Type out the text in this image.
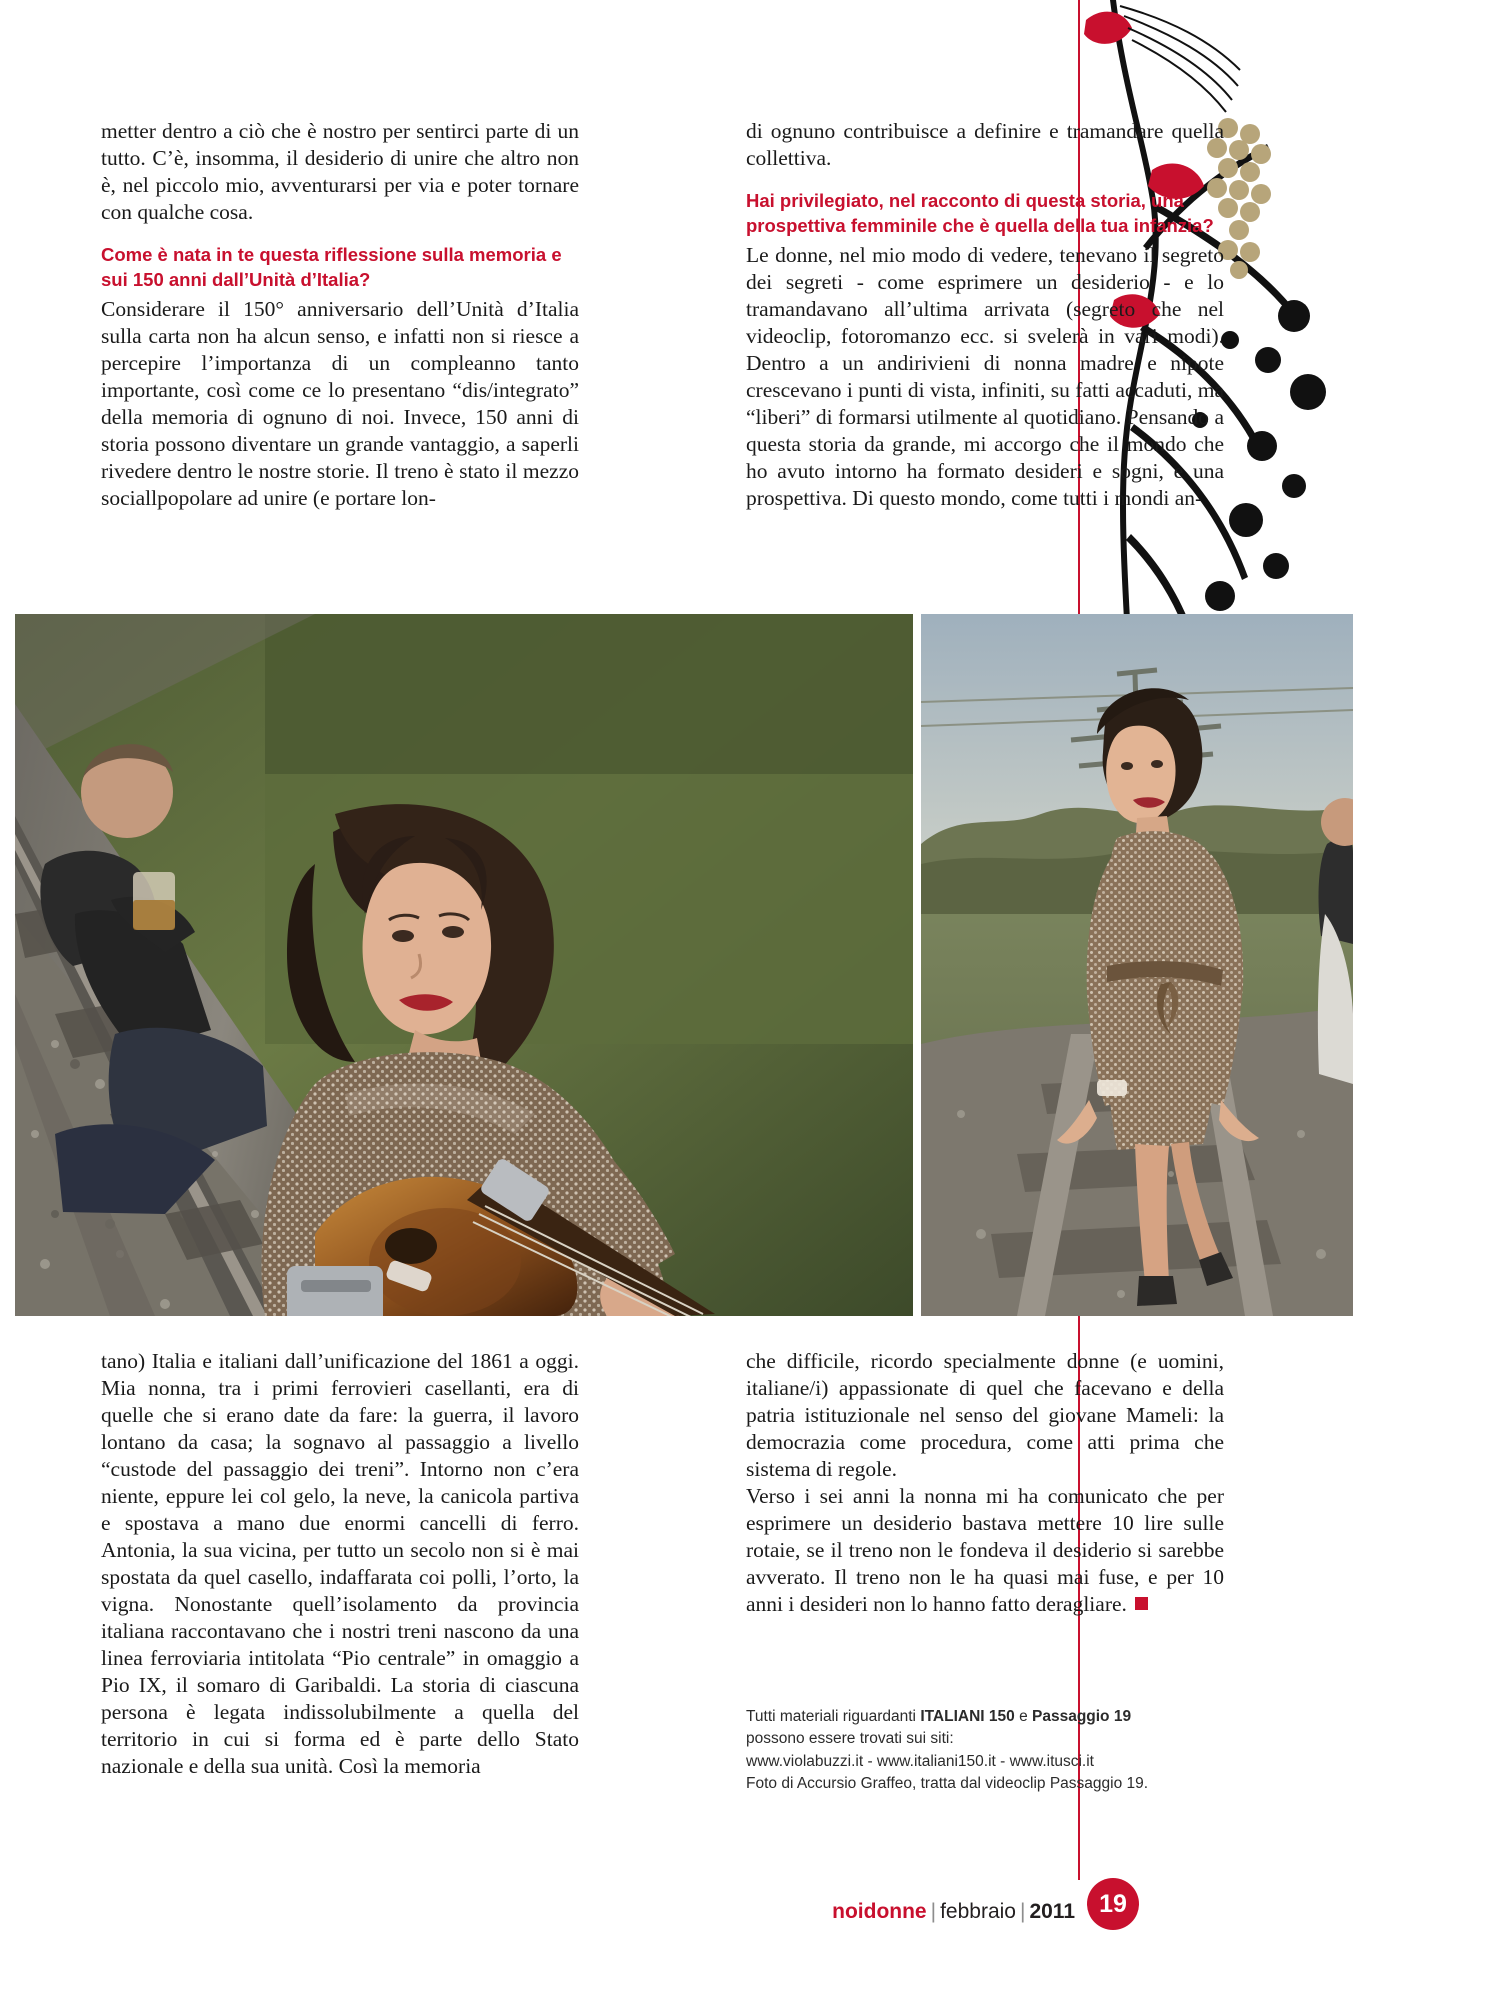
metter dentro a ciò che è nostro per sentirci parte di un tutto. C’è, insomma, il desiderio di unire che altro non è, nel piccolo mio, avventurarsi per via e poter tornare con qualche cosa.

Come è nata in te questa riflessione sulla memoria e sui 150 anni dall’Unità d’Italia?

Considerare il 150° anniversario dell’Unità d’Italia sulla carta non ha alcun senso, e infatti non si riesce a percepire l’importanza di un compleanno tanto importante, così come ce lo presentano “dis/integrato” della memoria di ognuno di noi. Invece, 150 anni di storia possono diventare un grande vantaggio, a saperli rivedere dentro le nostre storie. Il treno è stato il mezzo sociallpopolare ad unire (e portare lon-

di ognuno contribuisce a definire e tramandare quella collettiva.

Hai privilegiato, nel racconto di questa storia, una prospettiva femminile che è quella della tua infanzia?

Le donne, nel mio modo di vedere, tenevano il segreto dei segreti - come esprimere un desiderio - e lo tramandavano all’ultima arrivata (segreto che nel videoclip, fotoromanzo ecc. si svelerà in vari modi). Dentro a un andirivieni di nonna madre e nipote crescevano i punti di vista, infiniti, su fatti accaduti, ma “liberi” di formarsi utilmente al quotidiano. Pensando a questa storia da grande, mi accorgo che il mondo che ho avuto intorno ha formato desideri e sogni, e una prospettiva. Di questo mondo, come tutti i mondi an-

tano) Italia e italiani dall’unificazione del 1861 a oggi. Mia nonna, tra i primi ferrovieri casellanti, era di quelle che si erano date da fare: la guerra, il lavoro lontano da casa; la sognavo al passaggio a livello “custode del passaggio dei treni”. Intorno non c’era niente, eppure lei col gelo, la neve, la canicola partiva e spostava a mano due enormi cancelli di ferro. Antonia, la sua vicina, per tutto un secolo non si è mai spostata da quel casello, indaffarata coi polli, l’orto, la vigna. Nonostante quell’isolamento da provincia italiana raccontavano che i nostri treni nascono da una linea ferroviaria intitolata “Pio centrale” in omaggio a Pio IX, il somaro di Garibaldi. La storia di ciascuna persona è legata indissolubilmente a quella del territorio in cui si forma ed è parte dello Stato nazionale e della sua unità. Così la memoria

che difficile, ricordo specialmente donne (e uomini, italiane/i) appassionate di quel che facevano e della patria istituzionale nel senso del giovane Mameli: la democrazia come procedura, come atti prima che sistema di regole.

Verso i sei anni la nonna mi ha comunicato che per esprimere un desiderio bastava mettere 10 lire sulle rotaie, se il treno non le fondeva il desiderio si sarebbe avverato. Il treno non le ha quasi mai fuse, e per 10 anni i desideri non lo hanno fatto deragliare.

Tutti materiali riguardanti ITALIANI 150 e Passaggio 19
possono essere trovati sui siti:
www.violabuzzi.it - www.italiani150.it - www.itusci.it
Foto di Accursio Graffeo, tratta dal videoclip Passaggio 19.
noidonne | febbraio | 2011 19
